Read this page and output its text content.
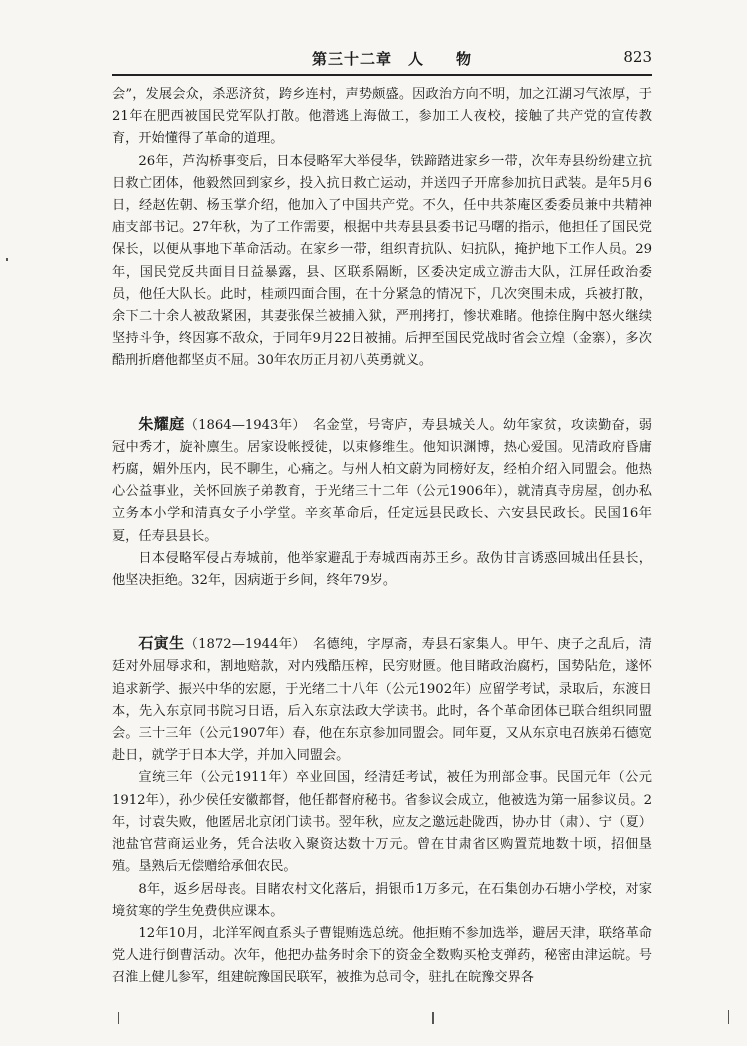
第三十二章　人　　物	823

会”，发展会众，杀恶济贫，跨乡连村，声势颇盛。因政治方向不明，加之江湖习气浓厚，于21年在肥西被国民党军队打散。他潜逃上海做工，参加工人夜校，接触了共产党的宣传教育，开始懂得了革命的道理。

26年，芦沟桥事变后，日本侵略军大举侵华，铁蹄踏进家乡一带，次年寿县纷纷建立抗日救亡团体，他毅然回到家乡，投入抗日救亡运动，并送四子开席参加抗日武装。是年5月6日，经赵佐朝、杨玉掌介绍，他加入了中国共产党。不久，任中共茶庵区委委员兼中共精神庙支部书记。27年秋，为了工作需要，根据中共寿县县委书记马曙的指示，他担任了国民党保长，以便从事地下革命活动。在家乡一带，组织青抗队、妇抗队，掩护地下工作人员。29年，国民党反共面目日益暴露，县、区联系隔断，区委决定成立游击大队，江屏任政治委员，他任大队长。此时，桂顽四面合围，在十分紧急的情况下，几次突围未成，兵被打散，余下二十余人被敌紧困，其妻张保兰被捕入狱，严刑拷打，惨状难睹。他捺住胸中怒火继续坚持斗争，终因寡不敌众，于同年9月22日被捕。后押至国民党战时省会立煌（金寨），多次酷刑折磨他都坚贞不屈。30年农历正月初八英勇就义。

朱耀庭（1864—1943年）　名金堂，号寄庐，寿县城关人。幼年家贫，攻读勤奋，弱冠中秀才，旋补廪生。居家设帐授徒，以束修维生。他知识渊博，热心爱国。见清政府昏庸朽腐，媚外压内，民不聊生，心痛之。与州人柏文蔚为同榜好友，经柏介绍入同盟会。他热心公益事业，关怀回族子弟教育，于光绪三十二年（公元1906年），就清真寺房屋，创办私立务本小学和清真女子小学堂。辛亥革命后，任定远县民政长、六安县民政长。民国16年夏，任寿县县长。

日本侵略军侵占寿城前，他举家避乱于寿城西南苏王乡。敌伪甘言诱惑回城出任县长，他坚决拒绝。32年，因病逝于乡间，终年79岁。

石寅生（1872—1944年）　名德纯，字厚斋，寿县石家集人。甲午、庚子之乱后，清廷对外屈辱求和，割地赔款，对内残酷压榨，民穷财匮。他目睹政治腐朽，国势阽危，遂怀追求新学、振兴中华的宏愿，于光绪二十八年（公元1902年）应留学考试，录取后，东渡日本，先入东京同书院习日语，后入东京法政大学读书。此时，各个革命团体已联合组织同盟会。三十三年（公元1907年）春，他在东京参加同盟会。同年夏，又从东京电召族弟石德宽赴日，就学于日本大学，并加入同盟会。

宣统三年（公元1911年）卒业回国，经清廷考试，被任为刑部佥事。民国元年（公元1912年），孙少侯任安徽都督，他任都督府秘书。省参议会成立，他被选为第一届参议员。2年，讨袁失败，他匿居北京闭门读书。翌年秋，应友之邀远赴陇西，协办甘（肃）、宁（夏）池盐官营商运业务，凭合法收入聚资达数十万元。曾在甘肃省区购置荒地数十顷，招佃垦殖。垦熟后无偿赠给承佃农民。

8年，返乡居母丧。目睹农村文化落后，捐银币1万多元，在石集创办石塘小学校，对家境贫寒的学生免费供应课本。

12年10月，北洋军阀直系头子曹锟贿选总统。他拒贿不参加选举，避居天津，联络革命党人进行倒曹活动。次年，他把办盐务时余下的资金全数购买枪支弹药，秘密由津运皖。号召淮上健儿参军，组建皖豫国民联军，被推为总司令，驻扎在皖豫交界各
